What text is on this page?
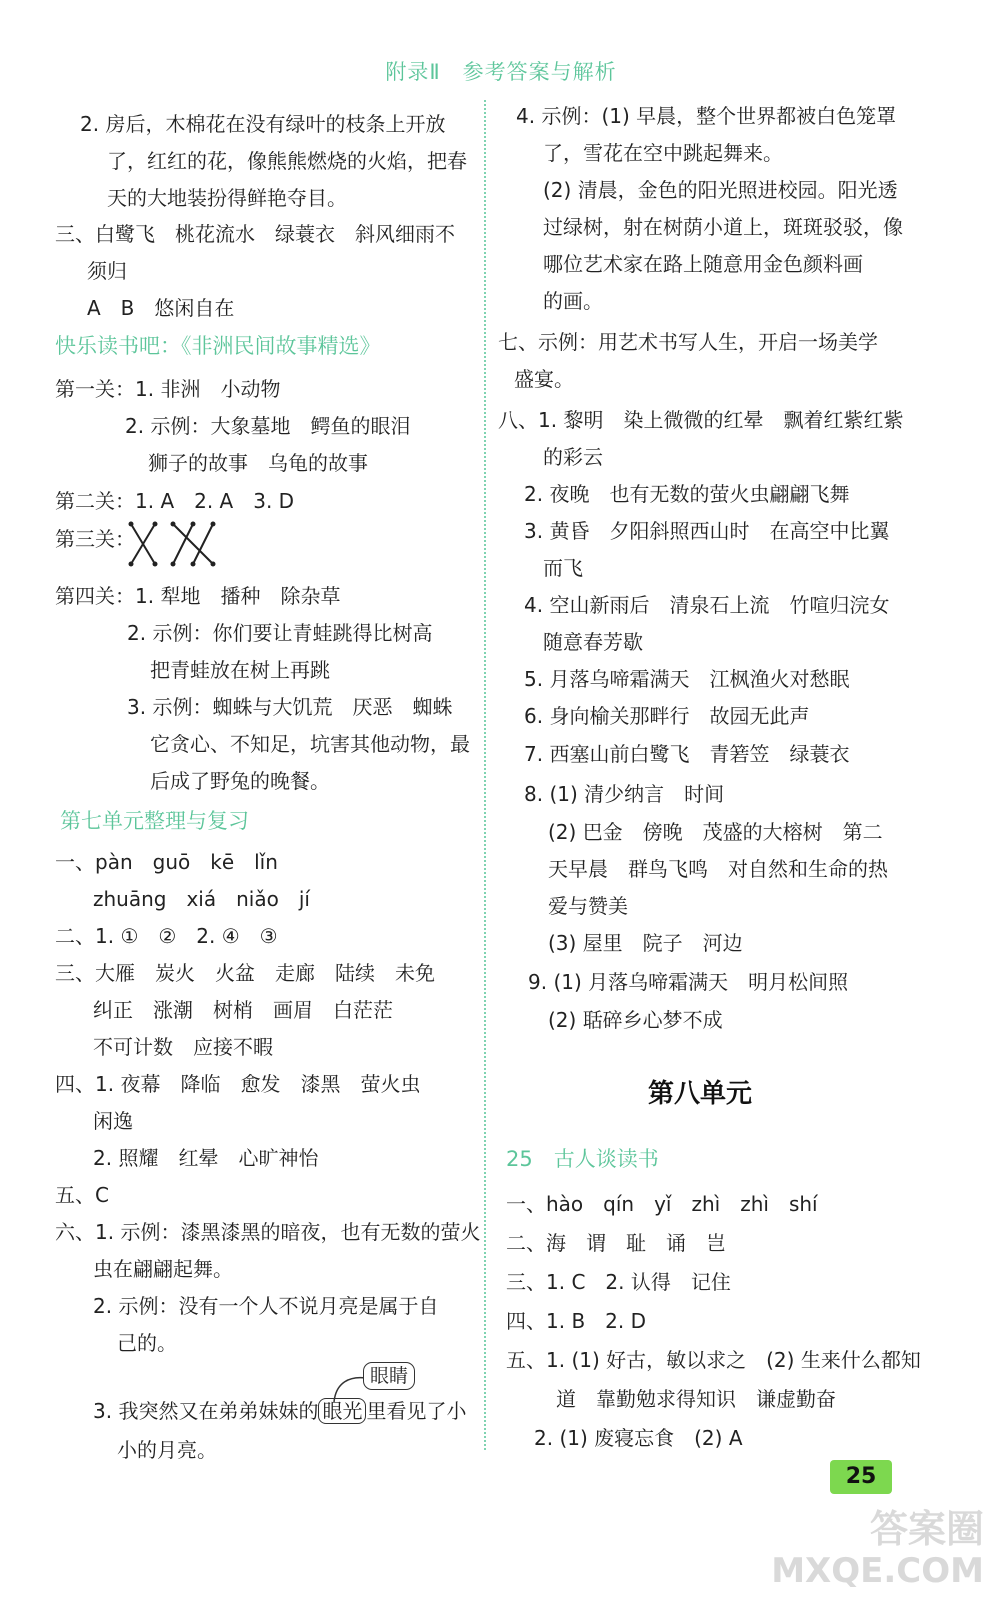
附录Ⅱ　参考答案与解析
2. 房后，木棉花在没有绿叶的枝条上开放
了，红红的花，像熊熊燃烧的火焰，把春
天的大地装扮得鲜艳夺目。
三、白鹭飞　桃花流水　绿蓑衣　斜风细雨不
须归
A　B　悠闲自在
快乐读书吧：《非洲民间故事精选》
第一关：1. 非洲　小动物
2. 示例：大象墓地　鳄鱼的眼泪
狮子的故事　乌龟的故事
第二关：1. A　2. A　3. D
第三关：
第四关：1. 犁地　播种　除杂草
2. 示例：你们要让青蛙跳得比树高
把青蛙放在树上再跳
3. 示例：蜘蛛与大饥荒　厌恶　蜘蛛
它贪心、不知足，坑害其他动物，最
后成了野兔的晚餐。
第七单元整理与复习
一、pàn　guō　kē　lǐn
zhuāng　xiá　niǎo　jí
二、1. ①　②　2. ④　③
三、大雁　炭火　火盆　走廊　陆续　未免
纠正　涨潮　树梢　画眉　白茫茫
不可计数　应接不暇
四、1. 夜幕　降临　愈发　漆黑　萤火虫
闲逸
2. 照耀　红晕　心旷神怡
五、C
六、1. 示例：漆黑漆黑的暗夜，也有无数的萤火
虫在翩翩起舞。
2. 示例：没有一个人不说月亮是属于自
己的。
3. 我突然又在弟弟妹妹的 眼光 里看见了小
小的月亮。
眼睛
4. 示例：(1) 早晨，整个世界都被白色笼罩
了，雪花在空中跳起舞来。
(2) 清晨，金色的阳光照进校园。阳光透
过绿树，射在树荫小道上，斑斑驳驳，像
哪位艺术家在路上随意用金色颜料画
的画。
七、示例：用艺术书写人生，开启一场美学
盛宴。
八、1. 黎明　染上微微的红晕　飘着红紫红紫
的彩云
2. 夜晚　也有无数的萤火虫翩翩飞舞
3. 黄昏　夕阳斜照西山时　在高空中比翼
而飞
4. 空山新雨后　清泉石上流　竹喧归浣女
随意春芳歇
5. 月落乌啼霜满天　江枫渔火对愁眠
6. 身向榆关那畔行　故园无此声
7. 西塞山前白鹭飞　青箬笠　绿蓑衣
8. (1) 清少纳言　时间
(2) 巴金　傍晚　茂盛的大榕树　第二
天早晨　群鸟飞鸣　对自然和生命的热
爱与赞美
(3) 屋里　院子　河边
9. (1) 月落乌啼霜满天　明月松间照
(2) 聒碎乡心梦不成
第八单元
25　古人谈读书
一、hào　qín　yǐ　zhì　zhì　shí
二、海　谓　耻　诵　岂
三、1. C　2. 认得　记住
四、1. B　2. D
五、1. (1) 好古，敏以求之　(2) 生来什么都知
道　靠勤勉求得知识　谦虚勤奋
2. (1) 废寝忘食　(2) A
25
答案圈
MXQE.COM
